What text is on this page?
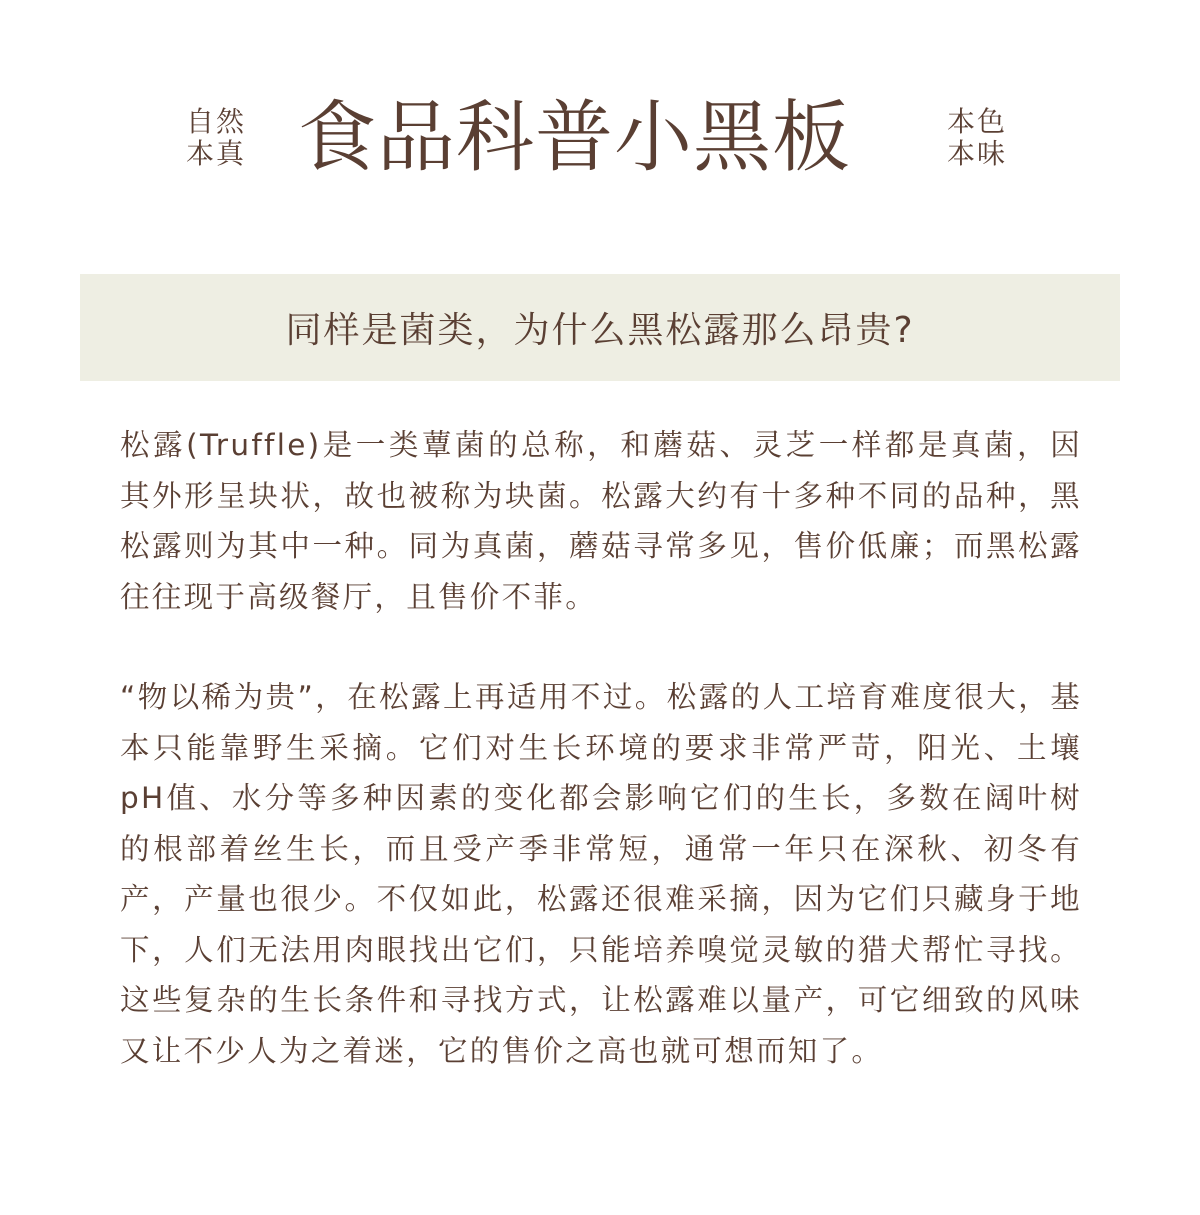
自然
本真 食品科普小黑板	本色
本味
同样是菌类，为什么黑松露那么昂贵?

松露(Truffle)是一类蕈菌的总称，和蘑菇、灵芝一样都是真菌，因其外形呈块状，故也被称为块菌。松露大约有十多种不同的品种，黑松露则为其中一种。同为真菌，蘑菇寻常多见，售价低廉；而黑松露往往现于高级餐厅，且售价不菲。

“物以稀为贵”，在松露上再适用不过。松露的人工培育难度很大，基本只能靠野生采摘。它们对生长环境的要求非常严苛，阳光、土壤pH值、水分等多种因素的变化都会影响它们的生长，多数在阔叶树的根部着丝生长，而且受产季非常短，通常一年只在深秋、初冬有产，产量也很少。不仅如此，松露还很难采摘，因为它们只藏身于地下，人们无法用肉眼找出它们，只能培养嗅觉灵敏的猎犬帮忙寻找。这些复杂的生长条件和寻找方式，让松露难以量产，可它细致的风味又让不少人为之着迷，它的售价之高也就可想而知了。
